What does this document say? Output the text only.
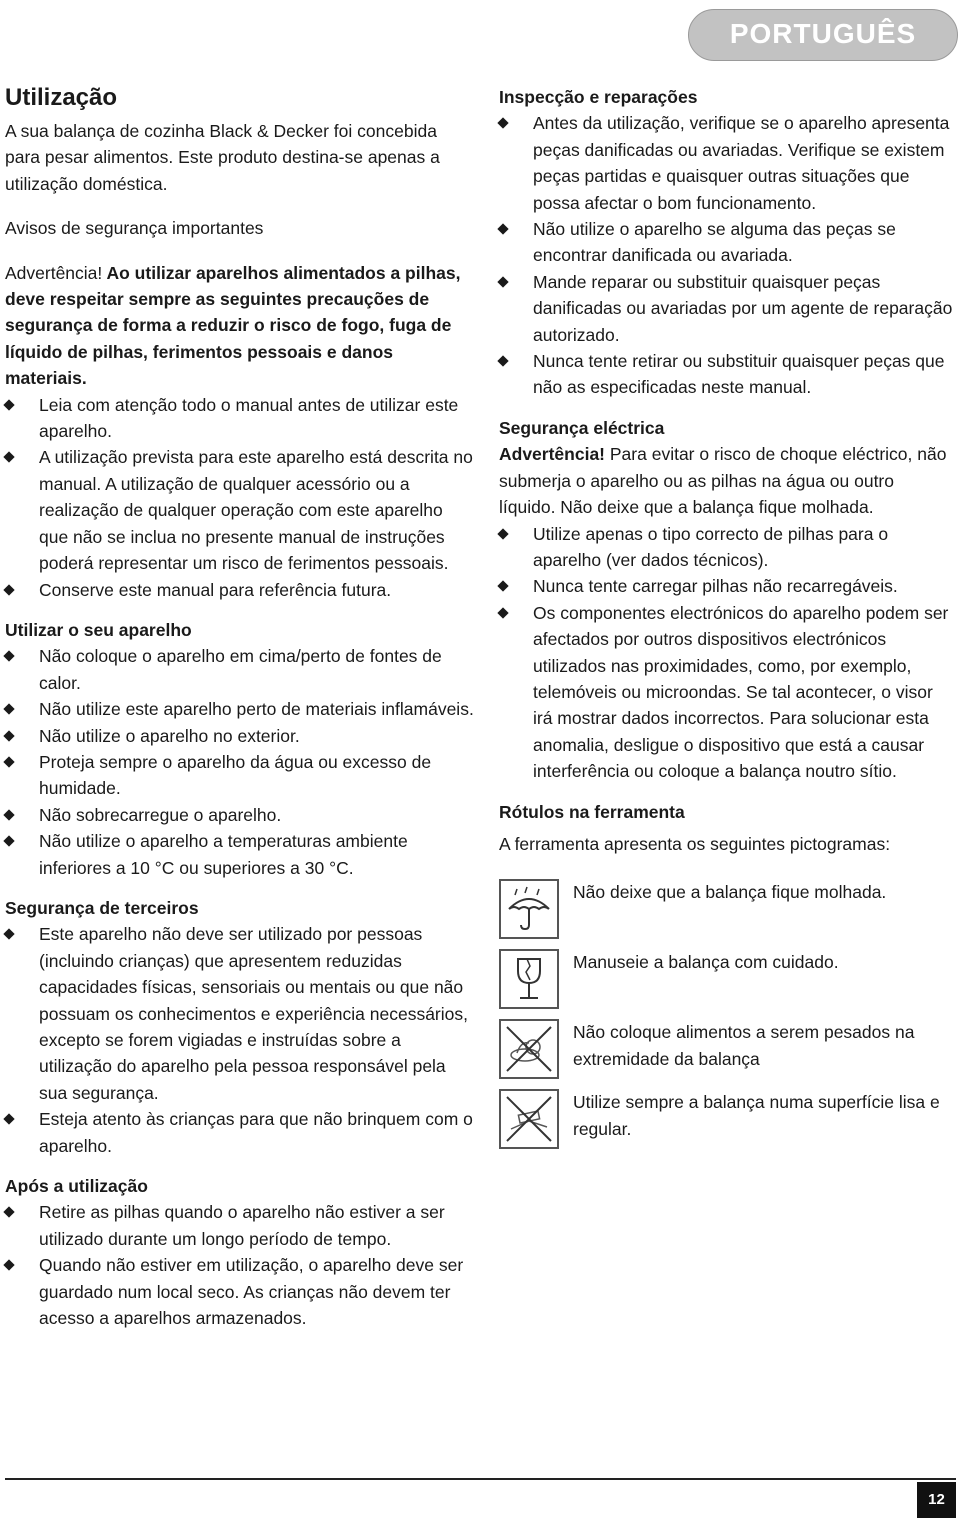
PORTUGUÊS
Utilização

A sua balança de cozinha Black & Decker foi concebida para pesar alimentos. Este produto destina-se apenas a utilização doméstica.

Avisos de segurança importantes

Advertência! Ao utilizar aparelhos alimentados a pilhas, deve respeitar sempre as seguintes precauções de segurança de forma a reduzir o risco de fogo, fuga de líquido de pilhas, ferimentos pessoais e danos materiais.

Leia com atenção todo o manual antes de utilizar este aparelho.
A utilização prevista para este aparelho está descrita no manual. A utilização de qualquer acessório ou a realização de qualquer operação com este aparelho que não se inclua no presente manual de instruções poderá representar um risco de ferimentos pessoais.
Conserve este manual para referência futura.
Utilizar o seu aparelho
Não coloque o aparelho em cima/perto de fontes de calor.
Não utilize este aparelho perto de materiais inflamáveis.
Não utilize o aparelho no exterior.
Proteja sempre o aparelho da água ou excesso de humidade.
Não sobrecarregue o aparelho.
Não utilize o aparelho a temperaturas ambiente inferiores a 10 °C ou superiores a 30 °C.
Segurança de terceiros
Este aparelho não deve ser utilizado por pessoas (incluindo crianças) que apresentem reduzidas capacidades físicas, sensoriais ou mentais ou que não possuam os conhecimentos e experiência necessários, excepto se forem vigiadas e instruídas sobre a utilização do aparelho pela pessoa responsável pela sua segurança.
Esteja atento às crianças para que não brinquem com o aparelho.
Após a utilização
Retire as pilhas quando o aparelho não estiver a ser utilizado durante um longo período de tempo.
Quando não estiver em utilização, o aparelho deve ser guardado num local seco. As crianças não devem ter acesso a aparelhos armazenados.
Inspecção e reparações
Antes da utilização, verifique se o aparelho apresenta peças danificadas ou avariadas. Verifique se existem peças partidas e quaisquer outras situações que possa afectar o bom funcionamento.
Não utilize o aparelho se alguma das peças se encontrar danificada ou avariada.
Mande reparar ou substituir quaisquer peças danificadas ou avariadas por um agente de reparação autorizado.
Nunca tente retirar ou substituir quaisquer peças que não as especificadas neste manual.
Segurança eléctrica

Advertência! Para evitar o risco de choque eléctrico, não submerja o aparelho ou as pilhas na água ou outro líquido. Não deixe que a balança fique molhada.

Utilize apenas o tipo correcto de pilhas para o aparelho (ver dados técnicos).
Nunca tente carregar pilhas não recarregáveis.
Os componentes electrónicos do aparelho podem ser afectados por outros dispositivos electrónicos utilizados nas proximidades, como, por exemplo, telemóveis ou microondas. Se tal acontecer, o visor irá mostrar dados incorrectos. Para solucionar esta anomalia, desligue o dispositivo que está a causar interferência ou coloque a balança noutro sítio.
Rótulos na ferramenta

A ferramenta apresenta os seguintes pictogramas:

Não deixe que a balança fique molhada.
Manuseie a balança com cuidado.
Não coloque alimentos a serem pesados na extremidade da balança
Utilize sempre a balança numa superfície lisa e regular.
12
